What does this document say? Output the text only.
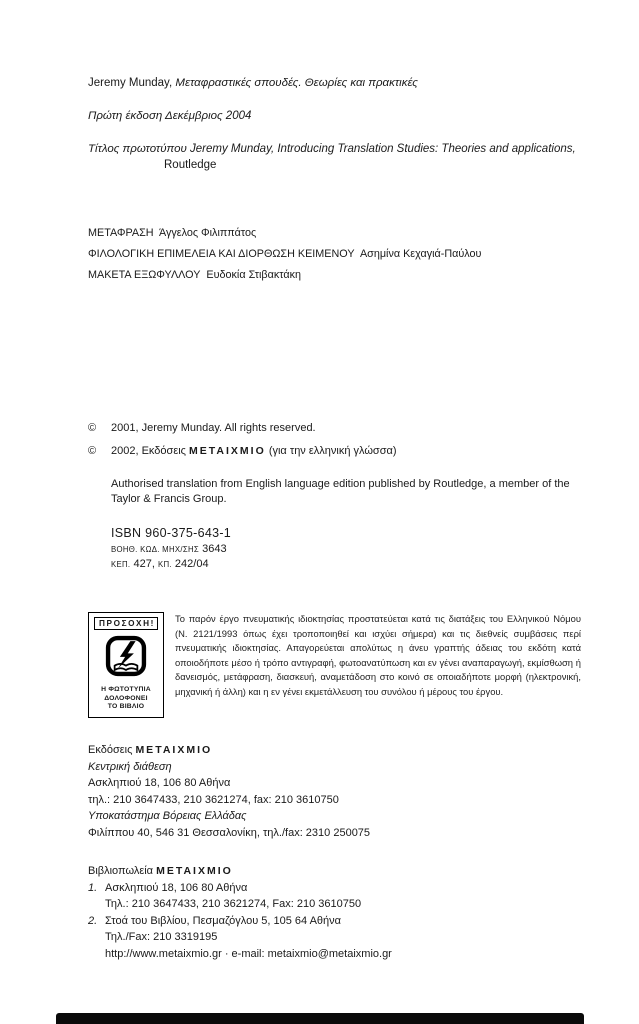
Jeremy Munday, Μεταφραστικές σπουδές. Θεωρίες και πρακτικές
Πρώτη έκδοση Δεκέμβριος 2004
Τίτλος πρωτοτύπου Jeremy Munday, Introducing Translation Studies: Theories and applications,
Routledge
ΜΕΤΑΦΡΑΣΗ Άγγελος Φιλιππάτος
ΦΙΛΟΛΟΓΙΚΗ ΕΠΙΜΕΛΕΙΑ ΚΑΙ ΔΙΟΡΘΩΣΗ ΚΕΙΜΕΝΟΥ Ασημίνα Κεχαγιά-Παύλου
ΜΑΚΕΤΑ ΕΞΩΦΥΛΛΟΥ Ευδοκία Στιβακτάκη
©	2001, Jeremy Munday. All rights reserved.
©	2002, Εκδόσεις ΜΕΤΑΙΧΜΙΟ (για την ελληνική γλώσσα)
Authorised translation from English language edition published by Routledge, a member of the Taylor & Francis Group.
ISBN 960-375-643-1
ΒΟΗΘ. ΚΩΔ. ΜΗΧ/ΣΗΣ 3643
ΚΕΠ. 427, ΚΠ. 242/04
ΠΡΟΣΟΧΗ!
Η ΦΩΤΟΤΥΠΙΑ
ΔΟΛΟΦΟΝΕΙ
ΤΟ ΒΙΒΛΙΟ
Το παρόν έργο πνευματικής ιδιοκτησίας προστατεύεται κατά τις διατάξεις του Ελληνικού Νόμου (Ν. 2121/1993 όπως έχει τροποποιηθεί και ισχύει σήμερα) και τις διεθνείς συμβάσεις περί πνευματικής ιδιοκτησίας. Απαγορεύεται απολύτως η άνευ γραπτής άδειας του εκδότη κατά οποιοδήποτε μέσο ή τρόπο αντιγραφή, φωτοανατύπωση και εν γένει αναπαραγωγή, εκμίσθωση ή δανεισμός, μετάφραση, διασκευή, αναμετάδοση στο κοινό σε οποιαδήποτε μορφή (ηλεκτρονική, μηχανική ή άλλη) και η εν γένει εκμετάλλευση του συνόλου ή μέρους του έργου.
Εκδόσεις ΜΕΤΑΙΧΜΙΟ
Κεντρική διάθεση
Ασκληπιού 18, 106 80 Αθήνα
τηλ.: 210 3647433, 210 3621274, fax: 210 3610750
Υποκατάστημα Βόρειας Ελλάδας
Φιλίππου 40, 546 31 Θεσσαλονίκη, τηλ./fax: 2310 250075
Βιβλιοπωλεία ΜΕΤΑΙΧΜΙΟ
1. Ασκληπιού 18, 106 80 Αθήνα
Τηλ.: 210 3647433, 210 3621274, Fax: 210 3610750
2. Στοά του Βιβλίου, Πεσμαζόγλου 5, 105 64 Αθήνα
Τηλ./Fax: 210 3319195
http://www.metaixmio.gr · e-mail: metaixmio@metaixmio.gr
